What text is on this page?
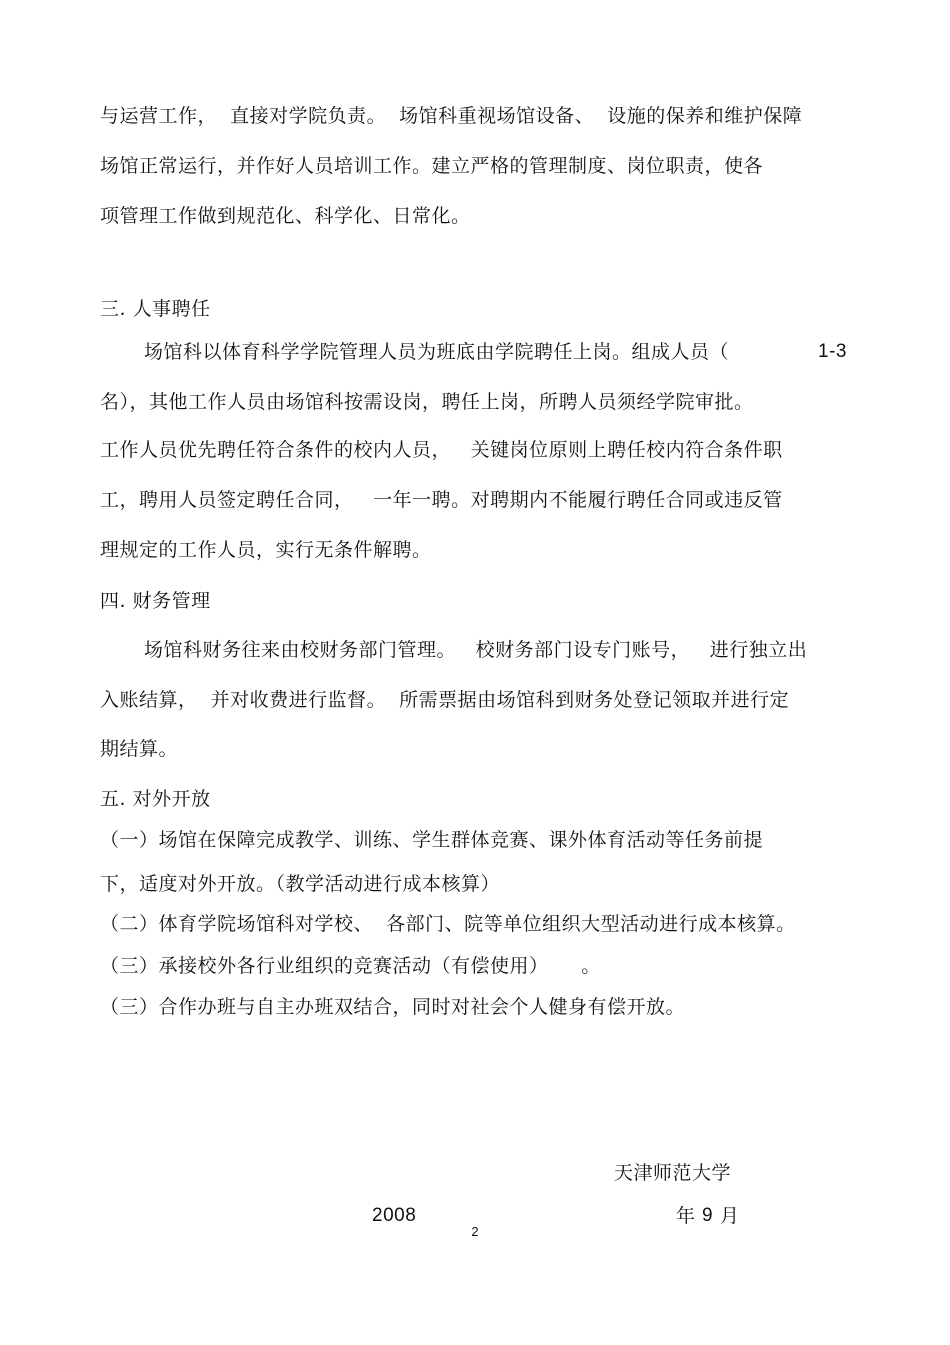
与运营工作，  直接对学院负责。  场馆科重视场馆设备、  设施的保养和维护保障
场馆正常运行，并作好人员培训工作。建立严格的管理制度、岗位职责，使各
项管理工作做到规范化、科学化、日常化。
三. 人事聘任
场馆科以体育科学学院管理人员为班底由学院聘任上岗。组成人员（	1-3
名），其他工作人员由场馆科按需设岗，聘任上岗，所聘人员须经学院审批。
工作人员优先聘任符合条件的校内人员，   关键岗位原则上聘任校内符合条件职
工，聘用人员签定聘任合同，   一年一聘。对聘期内不能履行聘任合同或违反管
理规定的工作人员，实行无条件解聘。
四. 财务管理
场馆科财务往来由校财务部门管理。   校财务部门设专门账号，   进行独立出
入账结算，  并对收费进行监督。  所需票据由场馆科到财务处登记领取并进行定
期结算。
五. 对外开放
（一）场馆在保障完成教学、训练、学生群体竞赛、课外体育活动等任务前提
下，适度对外开放。（教学活动进行成本核算）
（二）体育学院场馆科对学校、  各部门、院等单位组织大型活动进行成本核算。
（三）承接校外各行业组织的竞赛活动（有偿使用）     。
（三）合作办班与自主办班双结合，同时对社会个人健身有偿开放。
天津师范大学
2008	年 9 月
2
